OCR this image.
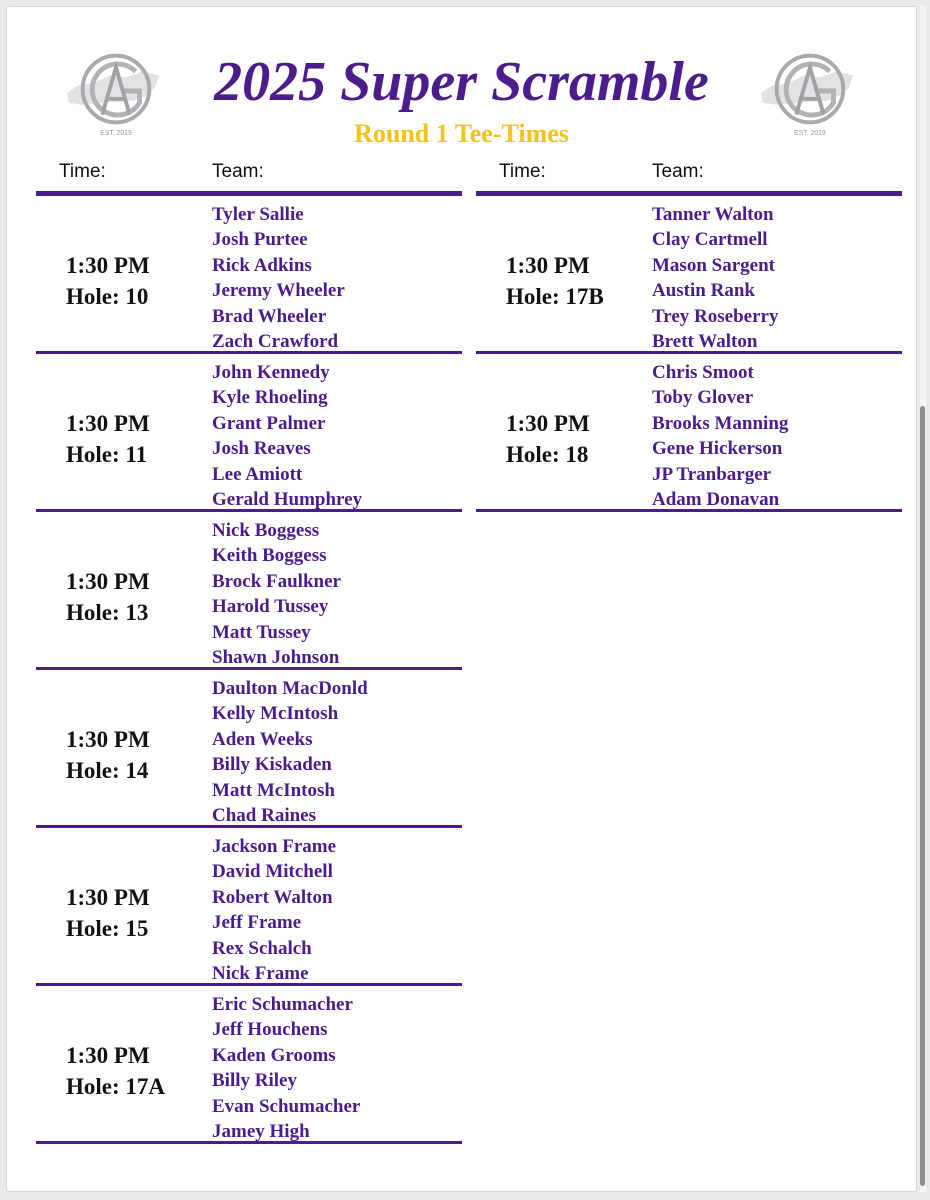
EST. 2019	EST. 2019
2025 Super Scramble
Round 1 Tee-Times
Time:	Team:
1:30 PM
Hole: 10
Tyler Sallie
Josh Purtee
Rick Adkins
Jeremy Wheeler
Brad Wheeler
Zach Crawford
1:30 PM
Hole: 11
John Kennedy
Kyle Rhoeling
Grant Palmer
Josh Reaves
Lee Amiott
Gerald Humphrey
1:30 PM
Hole: 13
Nick Boggess
Keith Boggess
Brock Faulkner
Harold Tussey
Matt Tussey
Shawn Johnson
1:30 PM
Hole: 14
Daulton MacDonld
Kelly McIntosh
Aden Weeks
Billy Kiskaden
Matt McIntosh
Chad Raines
1:30 PM
Hole: 15
Jackson Frame
David Mitchell
Robert Walton
Jeff Frame
Rex Schalch
Nick Frame
1:30 PM
Hole: 17A
Eric Schumacher
Jeff Houchens
Kaden Grooms
Billy Riley
Evan Schumacher
Jamey High
Time:	Team:
1:30 PM
Hole: 17B
Tanner Walton
Clay Cartmell
Mason Sargent
Austin Rank
Trey Roseberry
Brett Walton
1:30 PM
Hole: 18
Chris Smoot
Toby Glover
Brooks Manning
Gene Hickerson
JP Tranbarger
Adam Donavan
